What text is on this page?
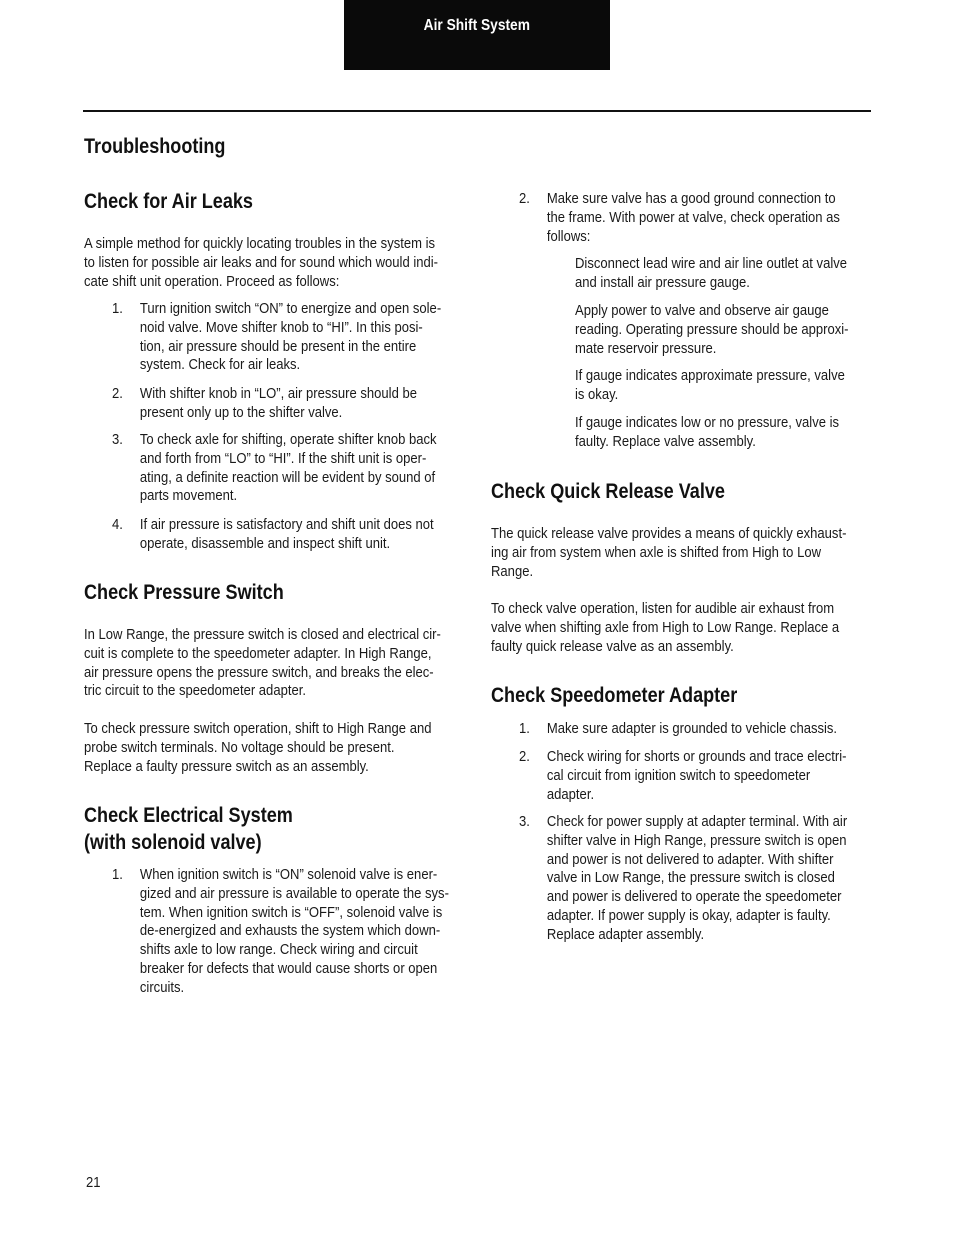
Air Shift System
Troubleshooting
Check for Air Leaks
A simple method for quickly locating troubles in the system is
to listen for possible air leaks and for sound which would indi-
cate shift unit operation. Proceed as follows:
1. Turn ignition switch “ON” to energize and open sole-
noid valve. Move shifter knob to “HI”. In this posi-
tion, air pressure should be present in the entire
system. Check for air leaks.
2. With shifter knob in “LO”, air pressure should be
present only up to the shifter valve.
3. To check axle for shifting, operate shifter knob back
and forth from “LO” to “HI”. If the shift unit is oper-
ating, a definite reaction will be evident by sound of
parts movement.
4. If air pressure is satisfactory and shift unit does not
operate, disassemble and inspect shift unit.
Check Pressure Switch
In Low Range, the pressure switch is closed and electrical cir-
cuit is complete to the speedometer adapter. In High Range,
air pressure opens the pressure switch, and breaks the elec-
tric circuit to the speedometer adapter.
To check pressure switch operation, shift to High Range and
probe switch terminals. No voltage should be present.
Replace a faulty pressure switch as an assembly.
Check Electrical System
(with solenoid valve)
1. When ignition switch is “ON” solenoid valve is ener-
gized and air pressure is available to operate the sys-
tem. When ignition switch is “OFF”, solenoid valve is
de-energized and exhausts the system which down-
shifts axle to low range. Check wiring and circuit
breaker for defects that would cause shorts or open
circuits.
2. Make sure valve has a good ground connection to
the frame. With power at valve, check operation as
follows:
Disconnect lead wire and air line outlet at valve
and install air pressure gauge.
Apply power to valve and observe air gauge
reading. Operating pressure should be approxi-
mate reservoir pressure.
If gauge indicates approximate pressure, valve
is okay.
If gauge indicates low or no pressure, valve is
faulty. Replace valve assembly.
Check Quick Release Valve
The quick release valve provides a means of quickly exhaust-
ing air from system when axle is shifted from High to Low
Range.
To check valve operation, listen for audible air exhaust from
valve when shifting axle from High to Low Range. Replace a
faulty quick release valve as an assembly.
Check Speedometer Adapter
1. Make sure adapter is grounded to vehicle chassis.
2. Check wiring for shorts or grounds and trace electri-
cal circuit from ignition switch to speedometer
adapter.
3. Check for power supply at adapter terminal. With air
shifter valve in High Range, pressure switch is open
and power is not delivered to adapter. With shifter
valve in Low Range, the pressure switch is closed
and power is delivered to operate the speedometer
adapter. If power supply is okay, adapter is faulty.
Replace adapter assembly.
21
